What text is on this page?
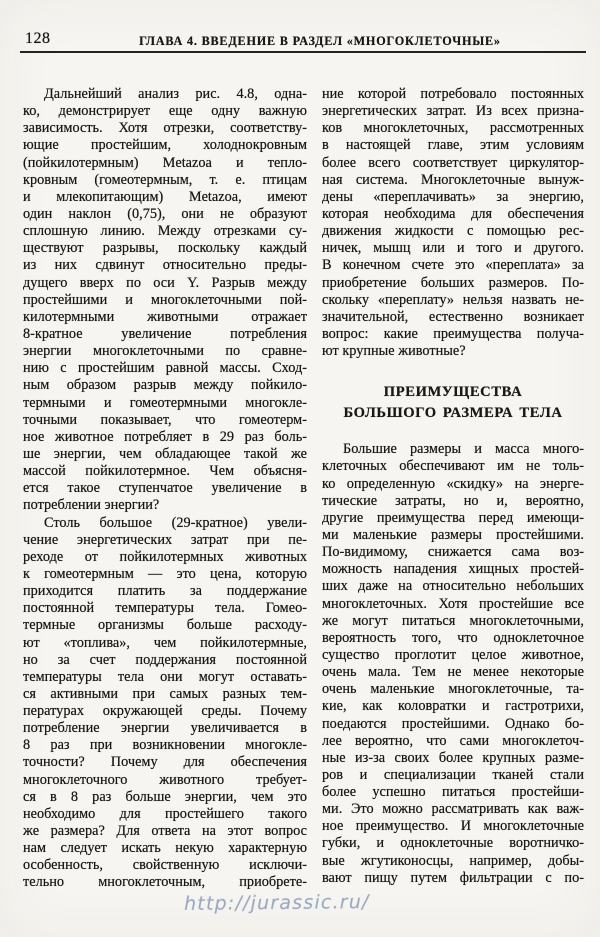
128	ГЛАВА 4. ВВЕДЕНИЕ В РАЗДЕЛ «МНОГОКЛЕТОЧНЫЕ»
Дальнейший анализ рис. 4.8, одна-
ко, демонстрирует еще одну важную
зависимость. Хотя отрезки, соответству-
ющие простейшим, холоднокровным
(пойкилотермным) Metazoa и тепло-
кровным (гомеотермным, т. е. птицам
и млекопитающим) Metazoa, имеют
один наклон (0,75), они не образуют
сплошную линию. Между отрезками су-
ществуют разрывы, поскольку каждый
из них сдвинут относительно преды-
дущего вверх по оси Y. Разрыв между
простейшими и многоклеточными пой-
килотермными животными отражает
8-кратное увеличение потребления
энергии многоклеточными по сравне-
нию с простейшим равной массы. Сход-
ным образом разрыв между пойкило-
термными и гомеотермными многокле-
точными показывает, что гомеотерм-
ное животное потребляет в 29 раз боль-
ше энергии, чем обладающее такой же
массой пойкилотермное. Чем объясня-
ется такое ступенчатое увеличение в
потреблении энергии?
Столь большое (29-кратное) увели-
чение энергетических затрат при пе-
реходе от пойкилотермных животных
к гомеотермным — это цена, которую
приходится платить за поддержание
постоянной температуры тела. Гомео-
термные организмы больше расходу-
ют «топлива», чем пойкилотермные,
но за счет поддержания постоянной
температуры тела они могут оставать-
ся активными при самых разных тем-
пературах окружающей среды. Почему
потребление энергии увеличивается в
8 раз при возникновении многокле-
точности? Почему для обеспечения
многоклеточного животного требует-
ся в 8 раз больше энергии, чем это
необходимо для простейшего такого
же размера? Для ответа на этот вопрос
нам следует искать некую характерную
особенность, свойственную исключи-
тельно многоклеточным, приобрете-
ние которой потребовало постоянных
энергетических затрат. Из всех призна-
ков многоклеточных, рассмотренных
в настоящей главе, этим условиям
более всего соответствует циркулятор-
ная система. Многоклеточные вынуж-
дены «переплачивать» за энергию,
которая необходима для обеспечения
движения жидкости с помощью рес-
ничек, мышц или и того и другого.
В конечном счете это «переплата» за
приобретение больших размеров. По-
скольку «переплату» нельзя назвать не-
значительной, естественно возникает
вопрос: какие преимущества получа-
ют крупные животные?
ПРЕИМУЩЕСТВА
БОЛЬШОГО РАЗМЕРА ТЕЛА
Большие размеры и масса много-
клеточных обеспечивают им не толь-
ко определенную «скидку» на энерге-
тические затраты, но и, вероятно,
другие преимущества перед имеющи-
ми маленькие размеры простейшими.
По-видимому, снижается сама воз-
можность нападения хищных простей-
ших даже на относительно небольших
многоклеточных. Хотя простейшие все
же могут питаться многоклеточными,
вероятность того, что одноклеточное
существо проглотит целое животное,
очень мала. Тем не менее некоторые
очень маленькие многоклеточные, та-
кие, как коловратки и гастротрихи,
поедаются простейшими. Однако бо-
лее вероятно, что сами многоклеточ-
ные из-за своих более крупных разме-
ров и специализации тканей стали
более успешно питаться простейши-
ми. Это можно рассматривать как важ-
ное преимущество. И многоклеточные
губки, и одноклеточные воротничко-
вые жгутиконосцы, например, добы-
вают пищу путем фильтрации с по-
http://jurassic.ru/
